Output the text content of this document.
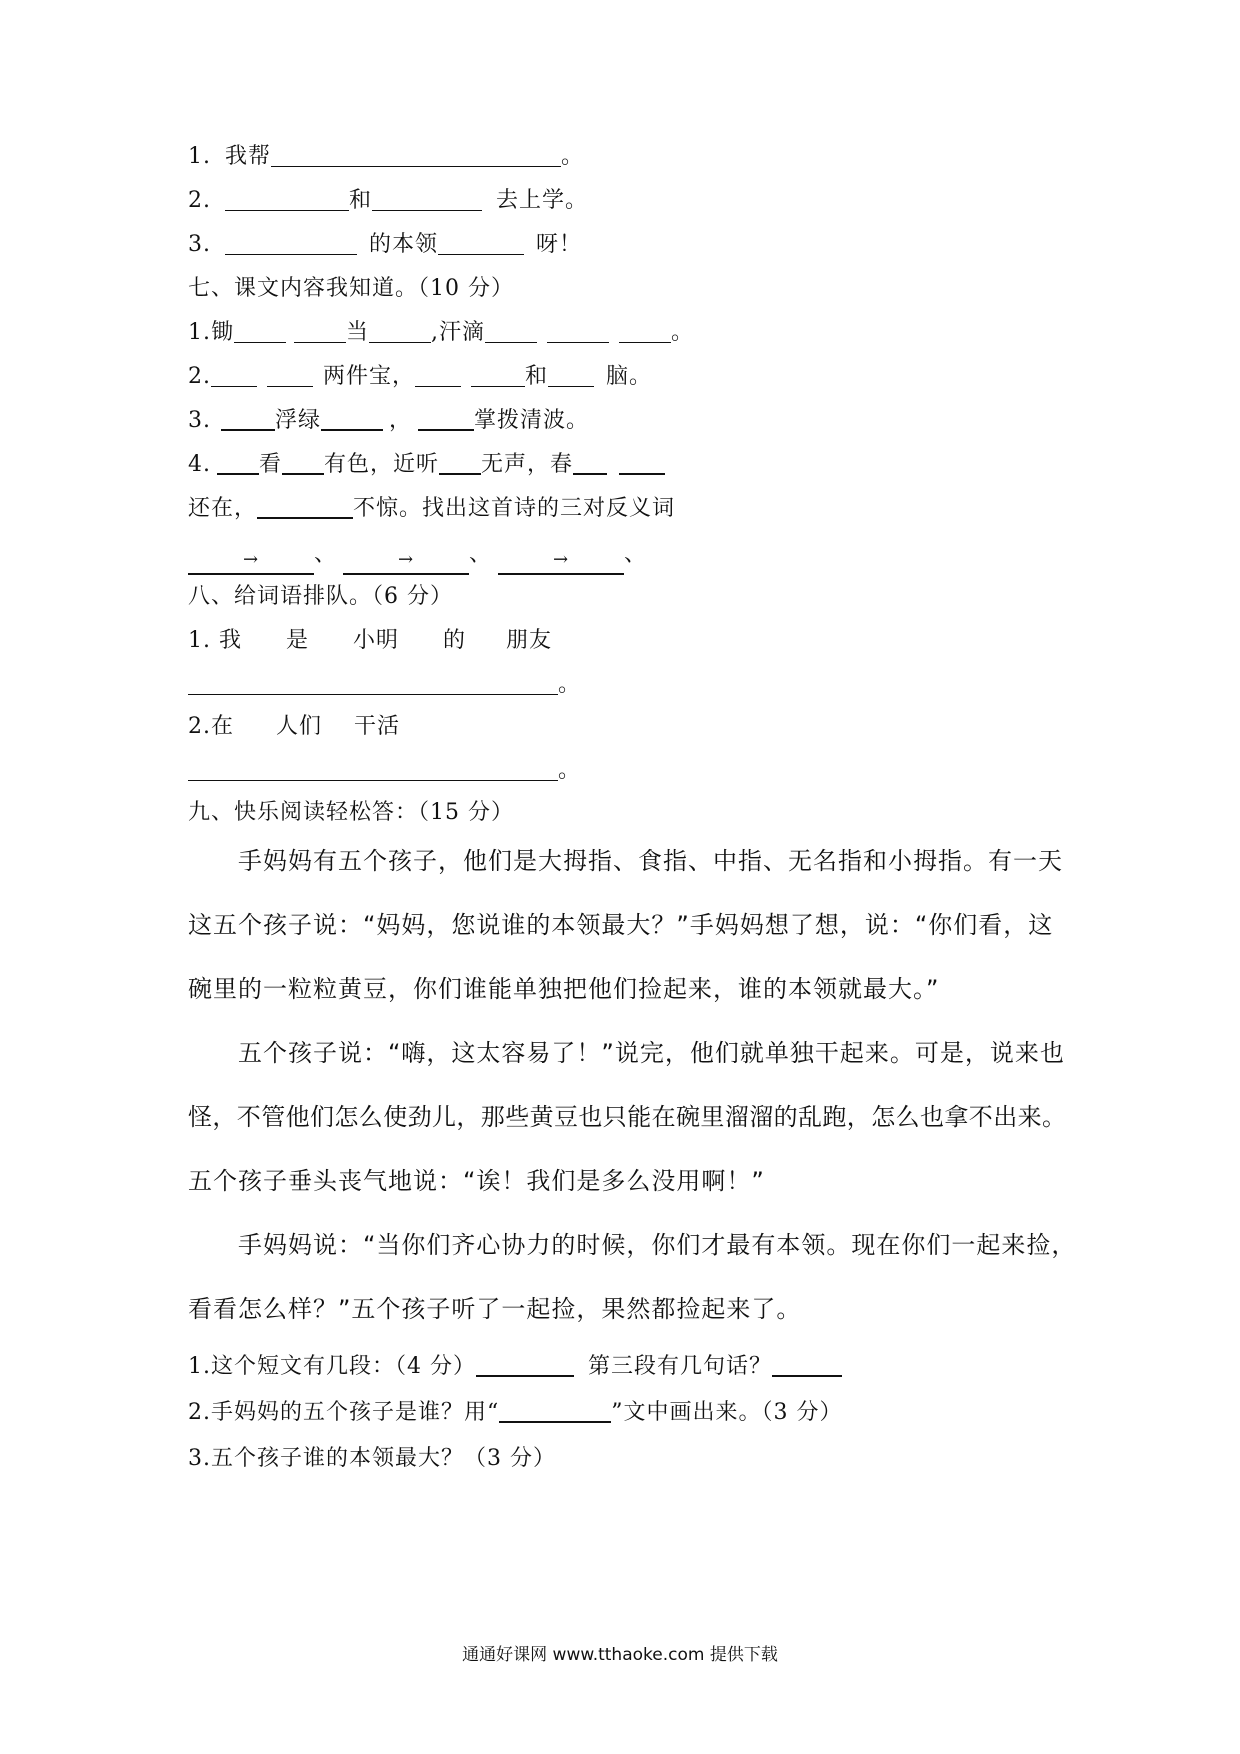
1. 我帮	。
2.	和	去上学。
3.	的本领	呀！
七、课文内容我知道。（10 分）
1.锄	当	,汗滴	。
2.	两件宝，	和	脑。
3.	浮绿	，	掌拨清波。
4. 看 有色，近听 无声，春
还在，	不惊。找出这首诗的三对反义词
→ 、	→ 、	→ 、
八、给词语排队。（6 分）
1. 我 是 小明 的 朋友
。
2.在 人们 干活
。
九、快乐阅读轻松答：（15 分）
手妈妈有五个孩子，他们是大拇指、食指、中指、无名指和小拇指。有一天
这五个孩子说：“妈妈，您说谁的本领最大？”手妈妈想了想，说：“你们看，这
碗里的一粒粒黄豆，你们谁能单独把他们捡起来，谁的本领就最大。”
五个孩子说：“嗨，这太容易了！”说完，他们就单独干起来。可是，说来也
怪，不管他们怎么使劲儿，那些黄豆也只能在碗里溜溜的乱跑，怎么也拿不出来。
五个孩子垂头丧气地说：“诶！我们是多么没用啊！”
手妈妈说：“当你们齐心协力的时候，你们才最有本领。现在你们一起来捡，
看看怎么样？”五个孩子听了一起捡，果然都捡起来了。
1.这个短文有几段：（4 分）	第三段有几句话？
2.手妈妈的五个孩子是谁？用“	”文中画出来。（3 分）
3.五个孩子谁的本领最大？（3 分）
通通好课网 www.tthaoke.com 提供下载
